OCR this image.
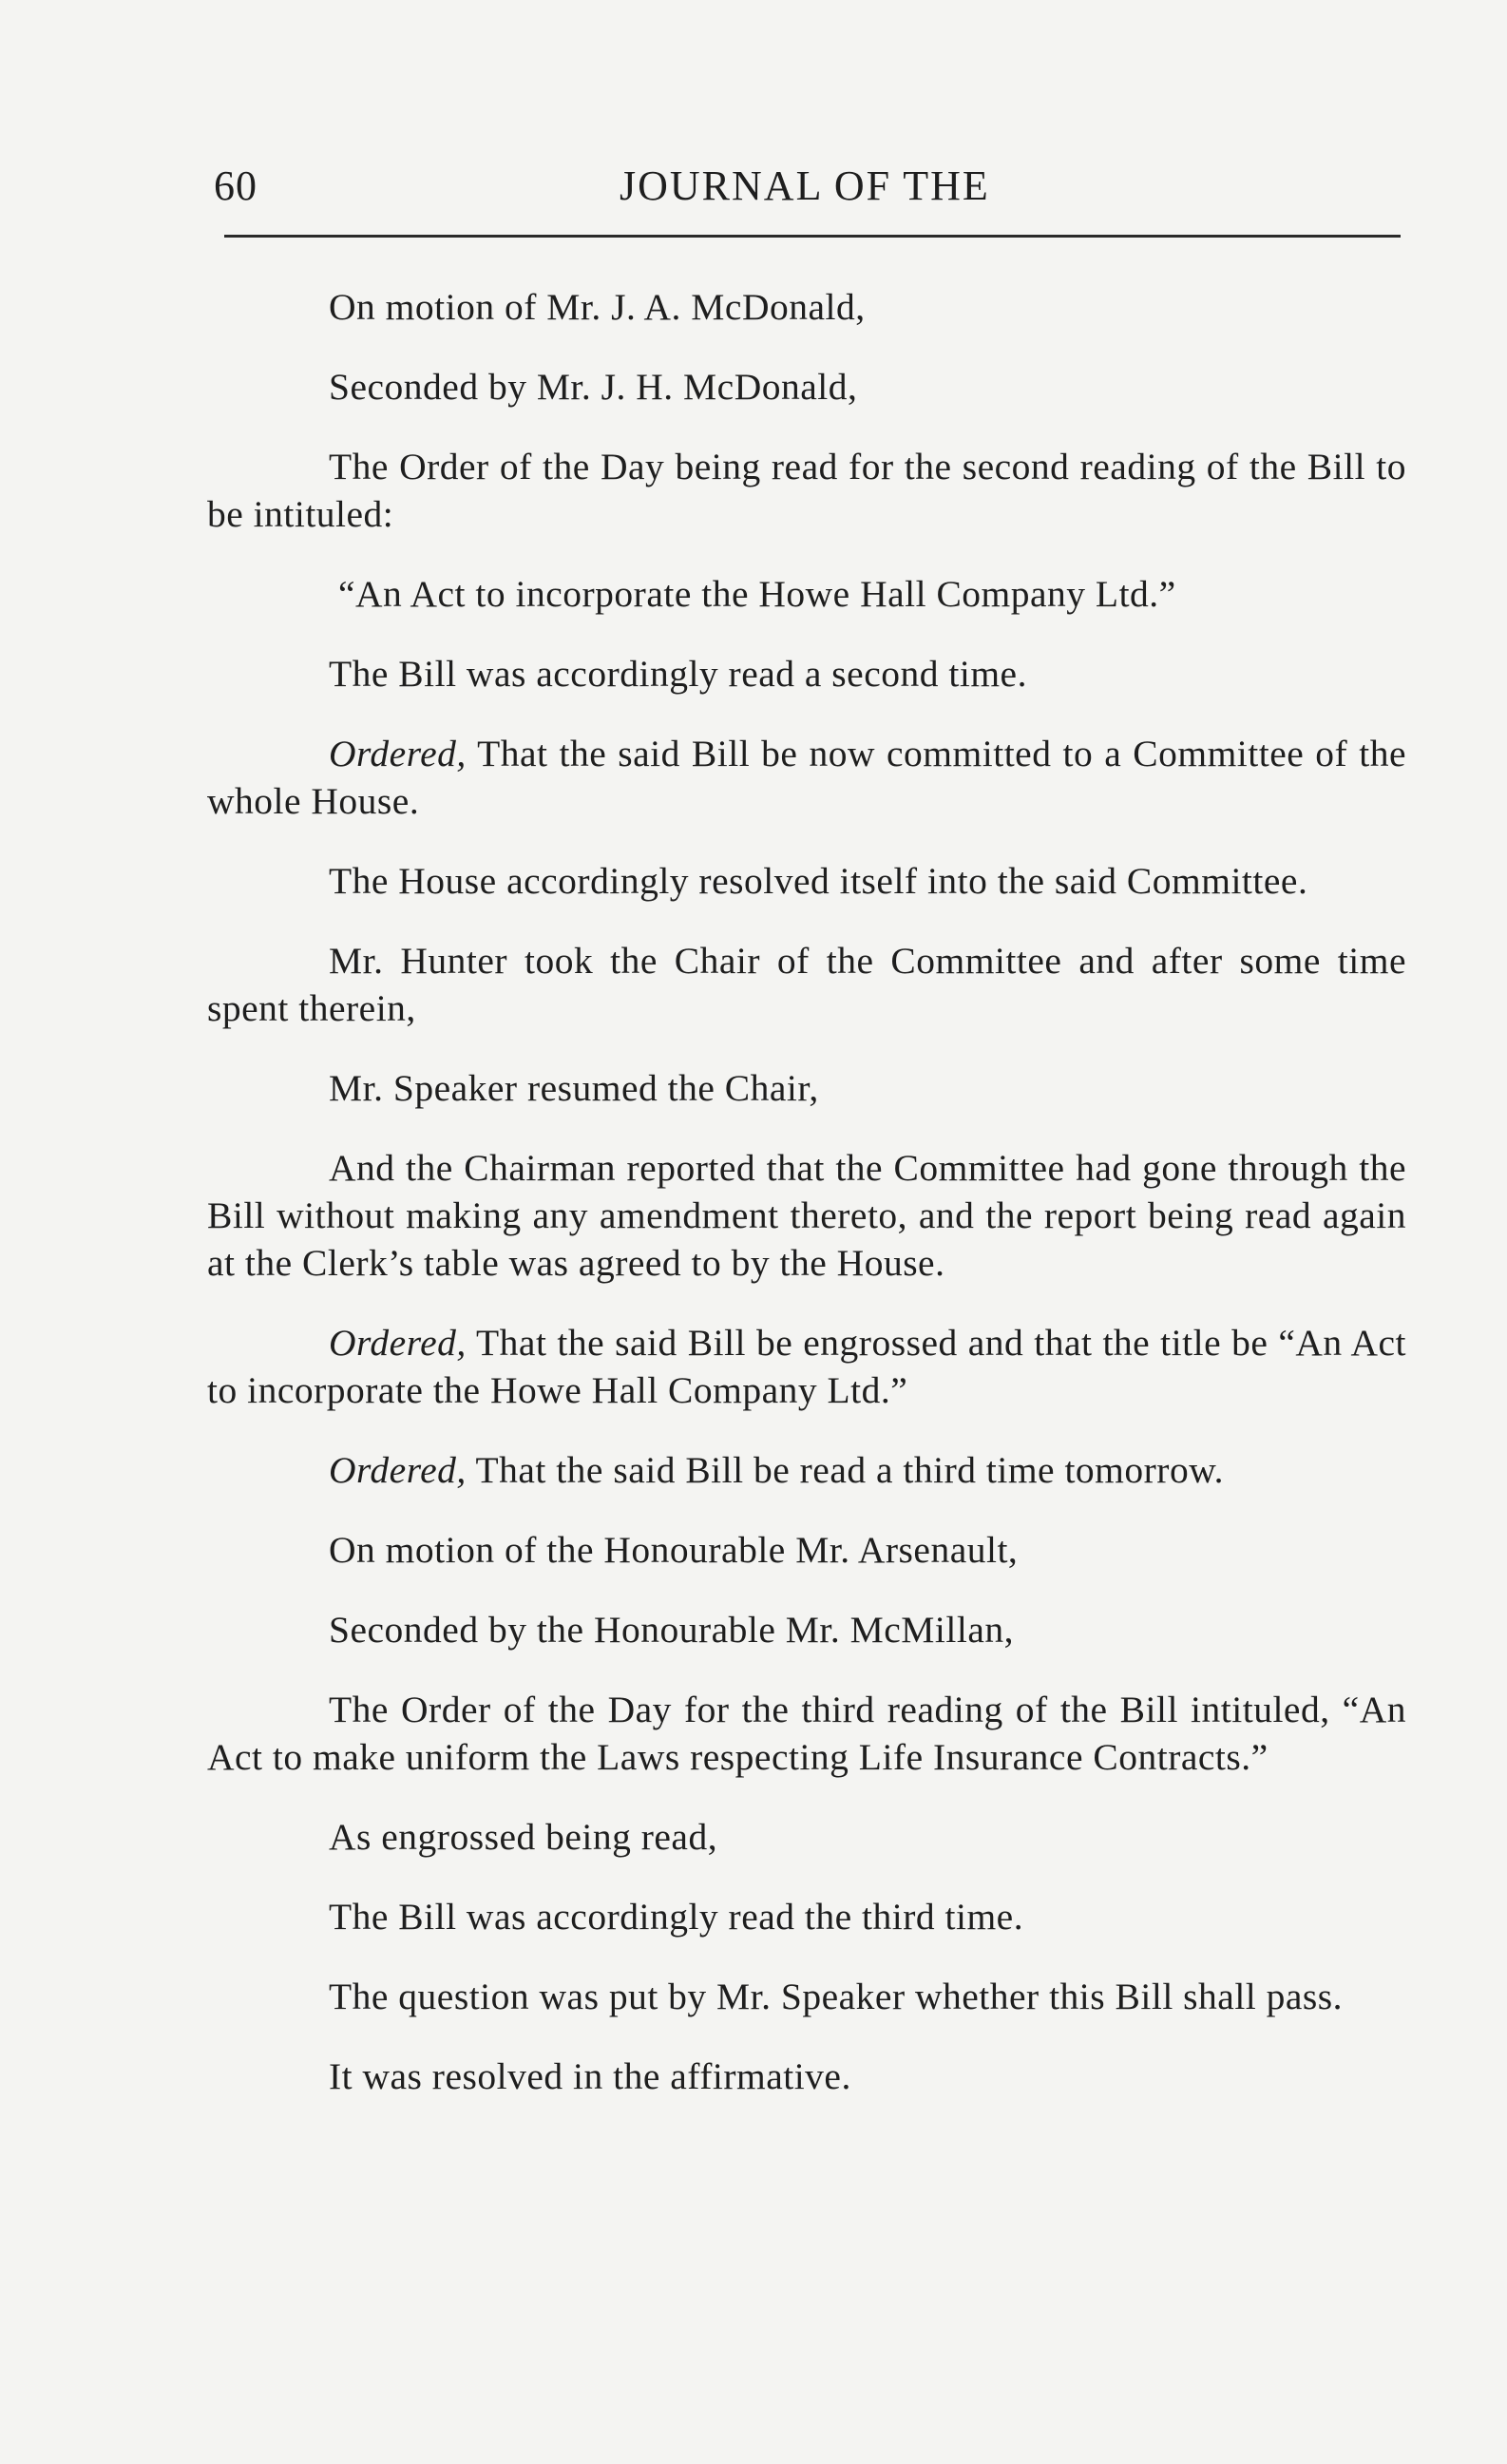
60	JOURNAL OF THE

On motion of Mr. J. A. McDonald,

Seconded by Mr. J. H. McDonald,

The Order of the Day being read for the second reading of the Bill to be intituled:

“An Act to incorporate the Howe Hall Company Ltd.”

The Bill was accordingly read a second time.

Ordered, That the said Bill be now committed to a Committee of the whole House.

The House accordingly resolved itself into the said Committee.

Mr. Hunter took the Chair of the Committee and after some time spent therein,

Mr. Speaker resumed the Chair,

And the Chairman reported that the Committee had gone through the Bill without making any amendment thereto, and the report being read again at the Clerk’s table was agreed to by the House.

Ordered, That the said Bill be engrossed and that the title be “An Act to incorporate the Howe Hall Company Ltd.”

Ordered, That the said Bill be read a third time tomorrow.

On motion of the Honourable Mr. Arsenault,

Seconded by the Honourable Mr. McMillan,

The Order of the Day for the third reading of the Bill intituled, “An Act to make uniform the Laws respecting Life Insurance Contracts.”

As engrossed being read,

The Bill was accordingly read the third time.

The question was put by Mr. Speaker whether this Bill shall pass.

It was resolved in the affirmative.
